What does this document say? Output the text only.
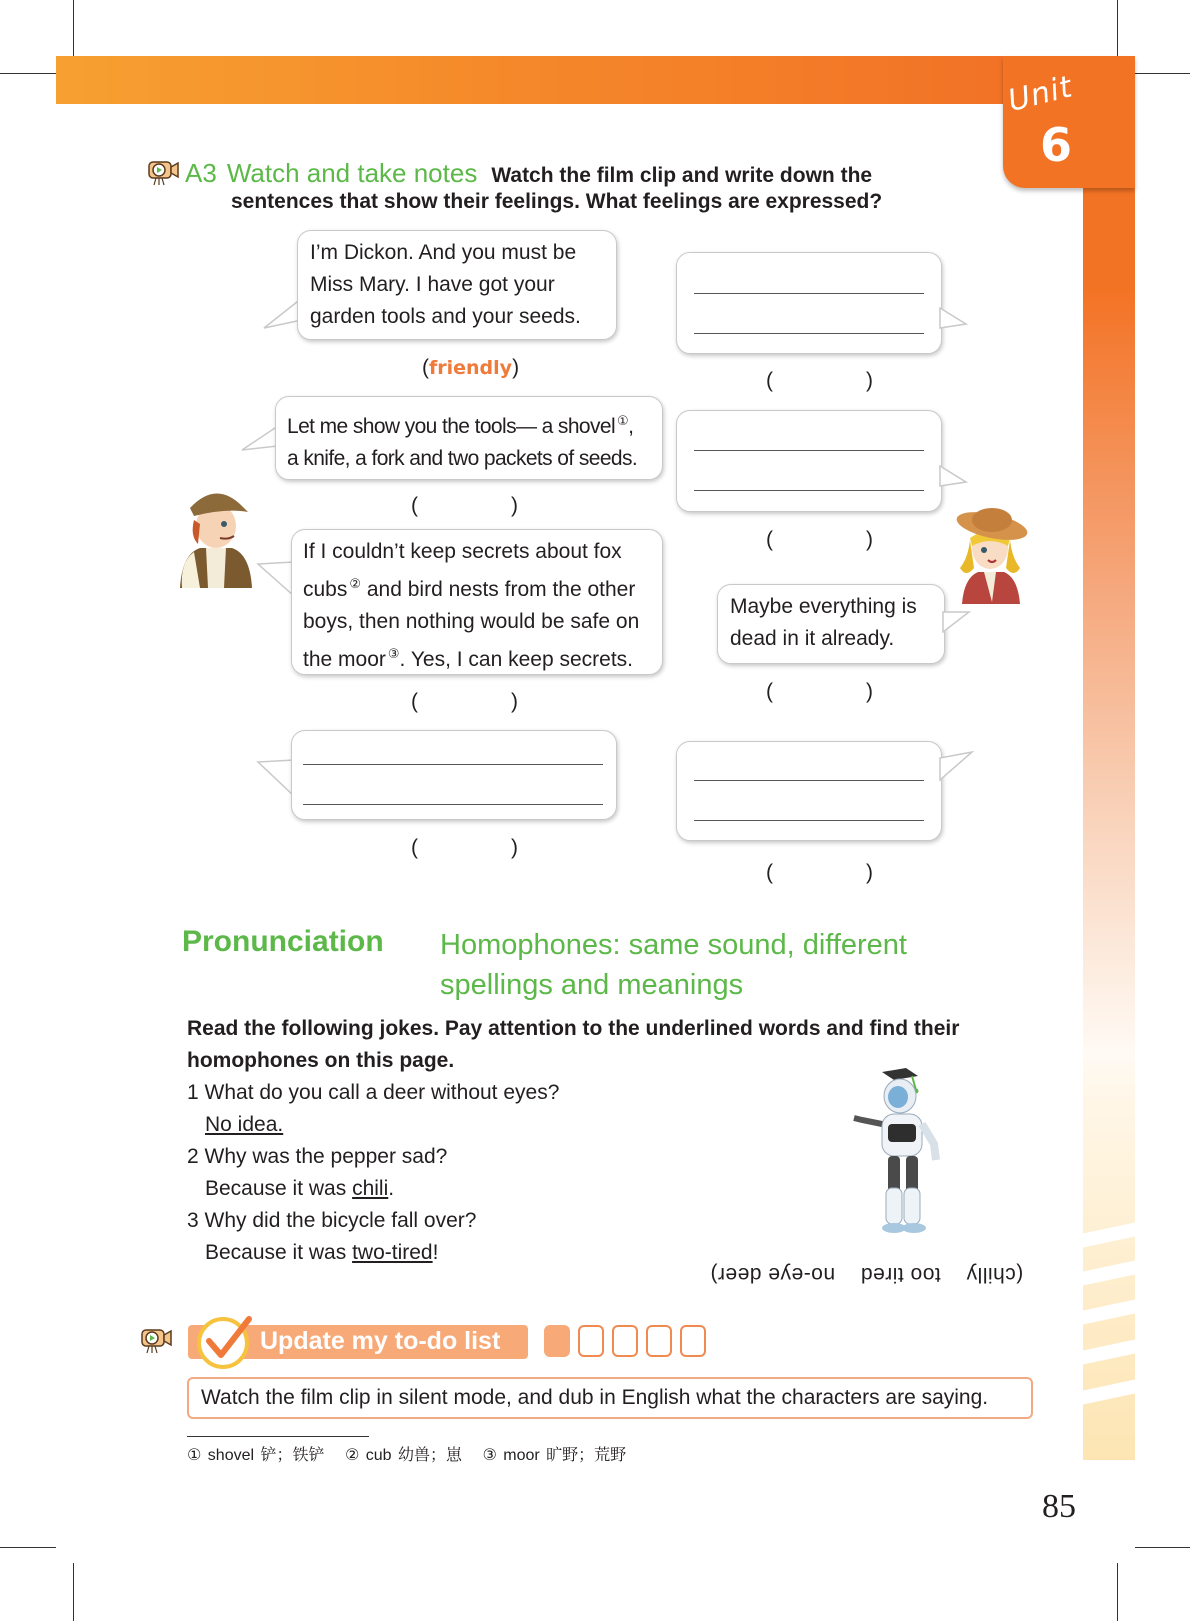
Unit
6
A3 Watch and take notes Watch the film clip and write down the
sentences that show their feelings. What feelings are expressed?
I’m Dickon. And you must be
Miss Mary. I have got your
garden tools and your seeds.
(friendly)
Let me show you the tools— a shovel ①,
a knife, a fork and two packets of seeds.
(	)
If I couldn’t keep secrets about fox
cubs ② and bird nests from the other
boys, then nothing would be safe on
the moor ③. Yes, I can keep secrets.
(	)
(	)
(	)
(	)
Maybe everything is
dead in it already.
(	)
(	)
Pronunciation Homophones: same sound, different
spellings and meanings
Read the following jokes. Pay attention to the underlined words and find their
homophones on this page.
1 What do you call a deer without eyes?
No idea.
2 Why was the pepper sad?
Because it was chili.
3 Why did the bicycle fall over?
Because it was two-tired!
(chilly    too tired    no-eye deer)
Update my to-do list
Watch the film clip in silent mode, and dub in English what the characters are saying.
① shovel 铲；铁铲 ② cub 幼兽；崽 ③ moor 旷野；荒野
85
